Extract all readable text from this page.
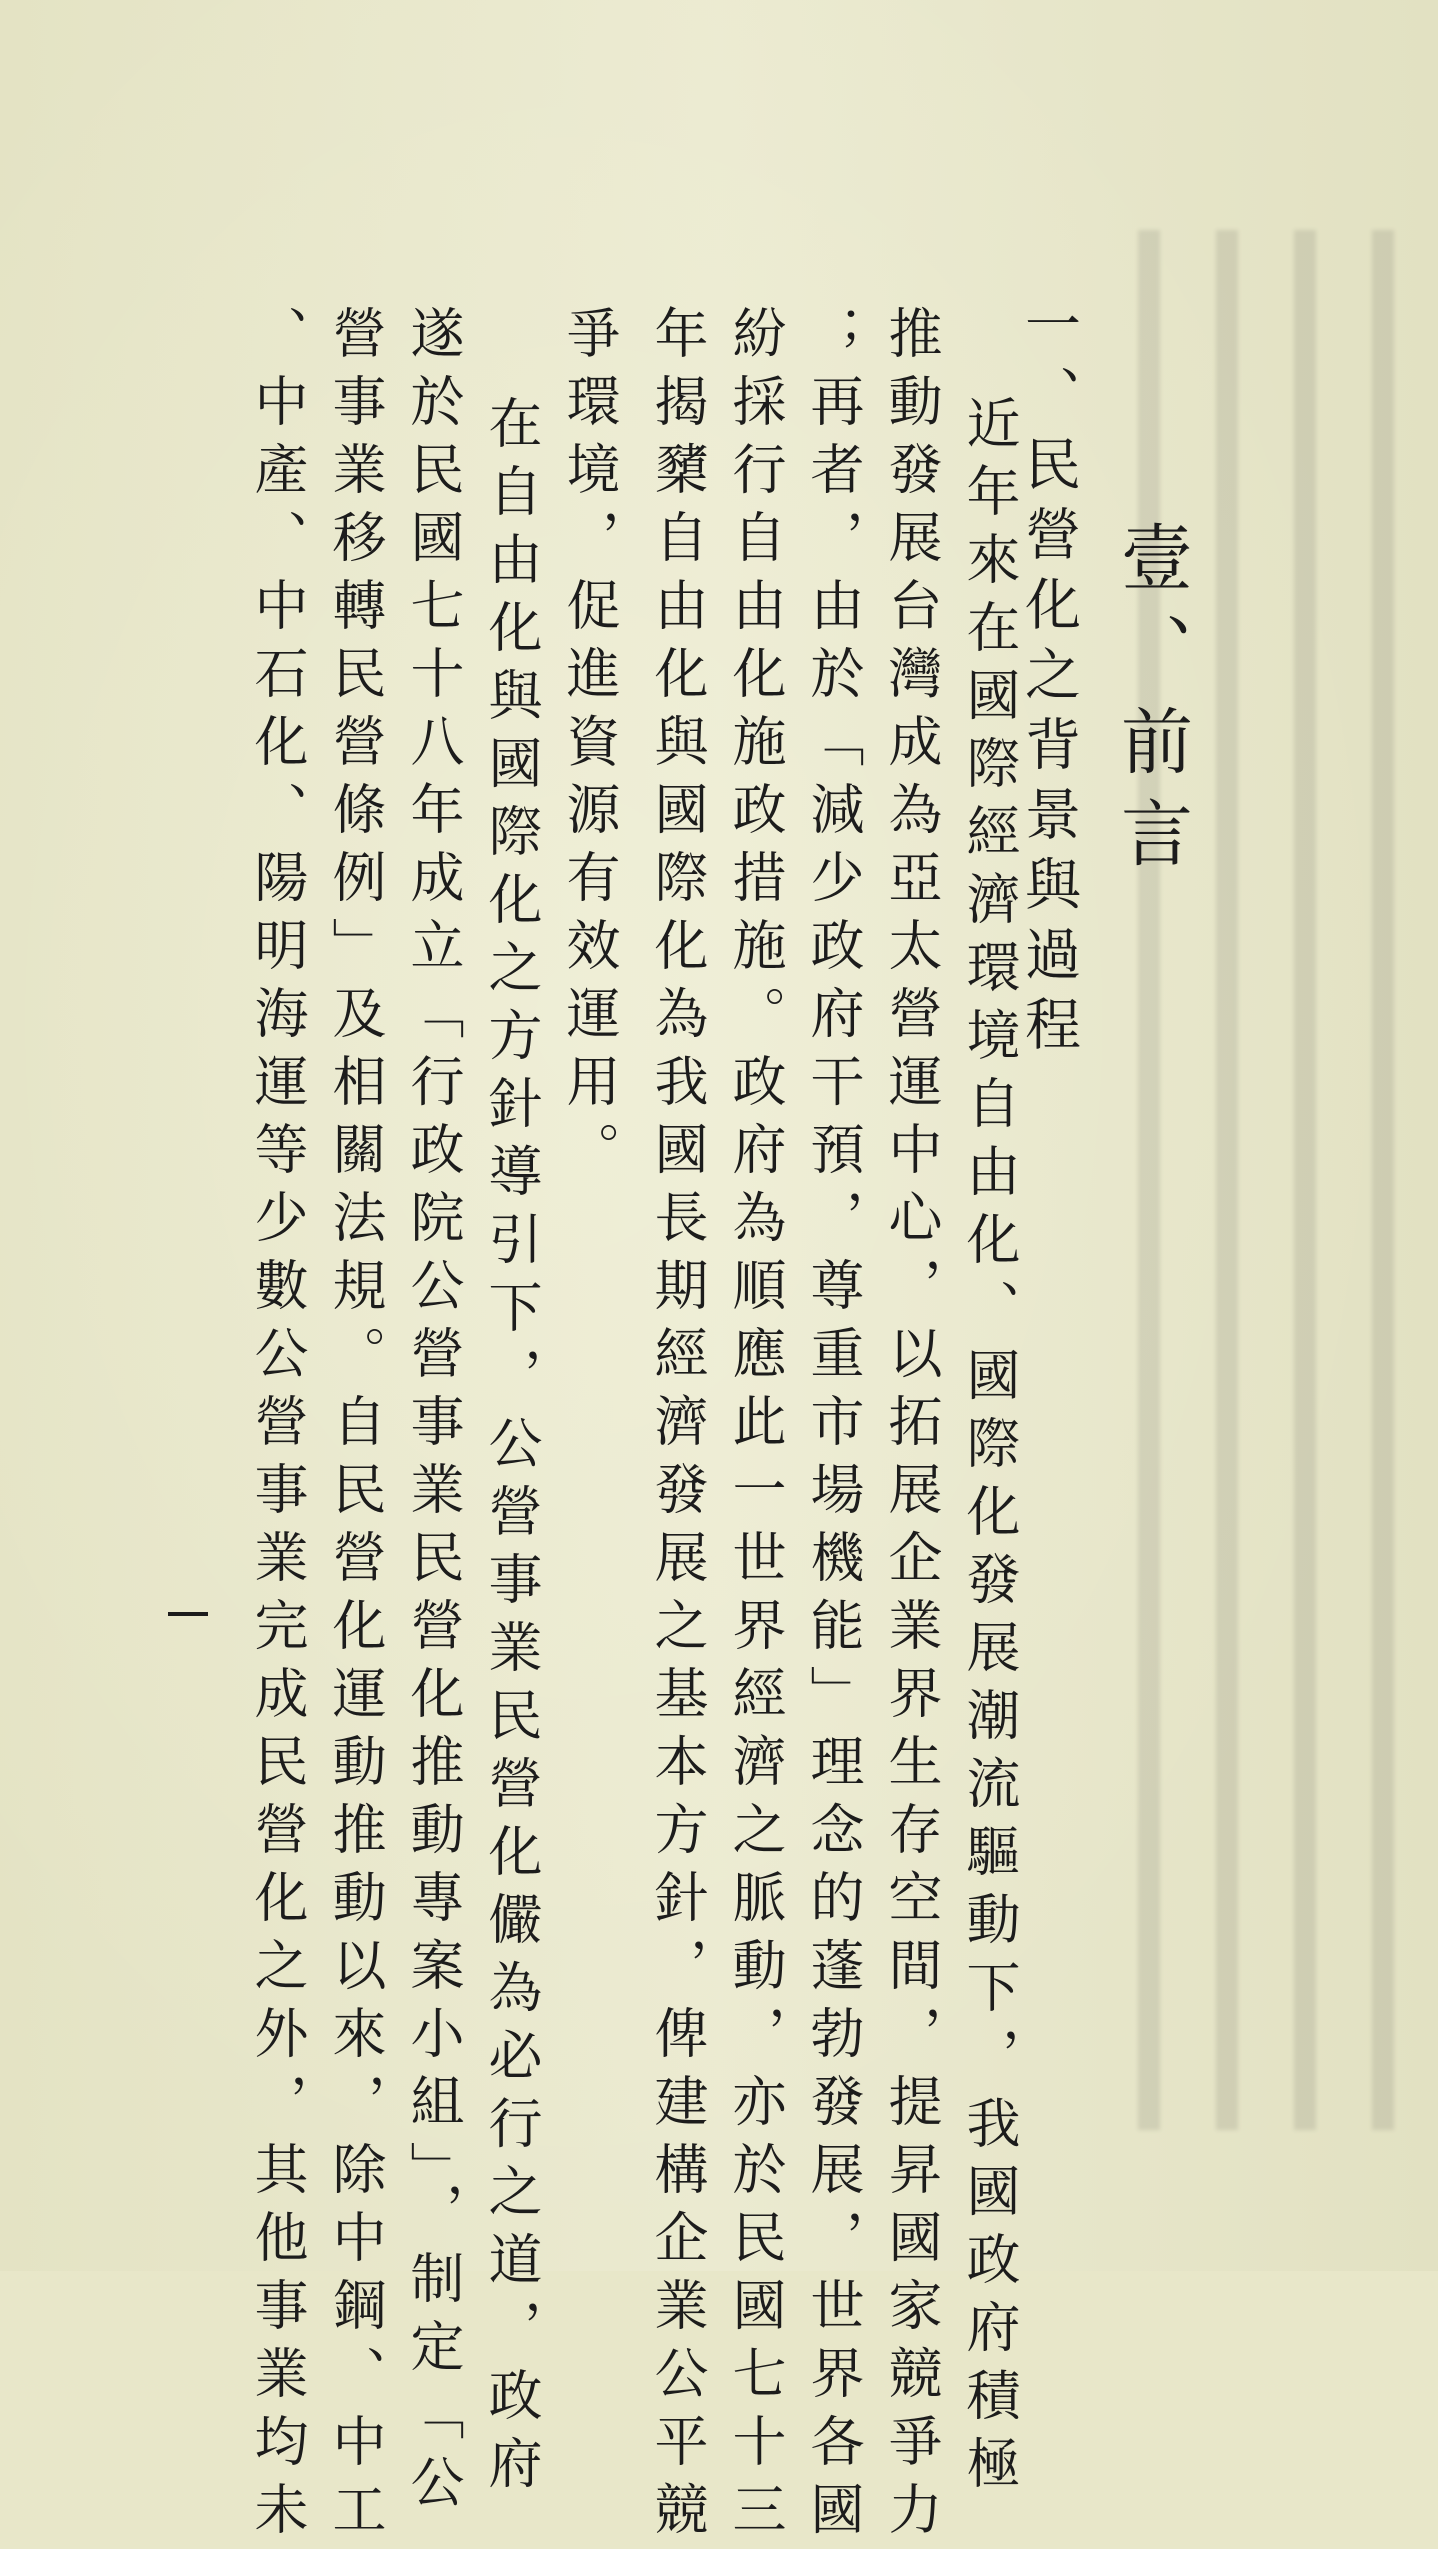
壹、前言
一、民營化之背景與過程
近年來在國際經濟環境自由化、國際化發展潮流驅動下，我國政府積極
推動發展台灣成為亞太營運中心，以拓展企業界生存空間，提昇國家競爭力
；再者，由於「減少政府干預，尊重市場機能」理念的蓬勃發展，世界各國
紛採行自由化施政措施。政府為順應此一世界經濟之脈動，亦於民國七十三
年揭櫫自由化與國際化為我國長期經濟發展之基本方針，俾建構企業公平競
爭環境，促進資源有效運用。
在自由化與國際化之方針導引下，公營事業民營化儼為必行之道，政府
遂於民國七十八年成立「行政院公營事業民營化推動專案小組」，制定「公
營事業移轉民營條例」及相關法規。自民營化運動推動以來，除中鋼、中工
、中產、中石化、陽明海運等少數公營事業完成民營化之外，其他事業均未
